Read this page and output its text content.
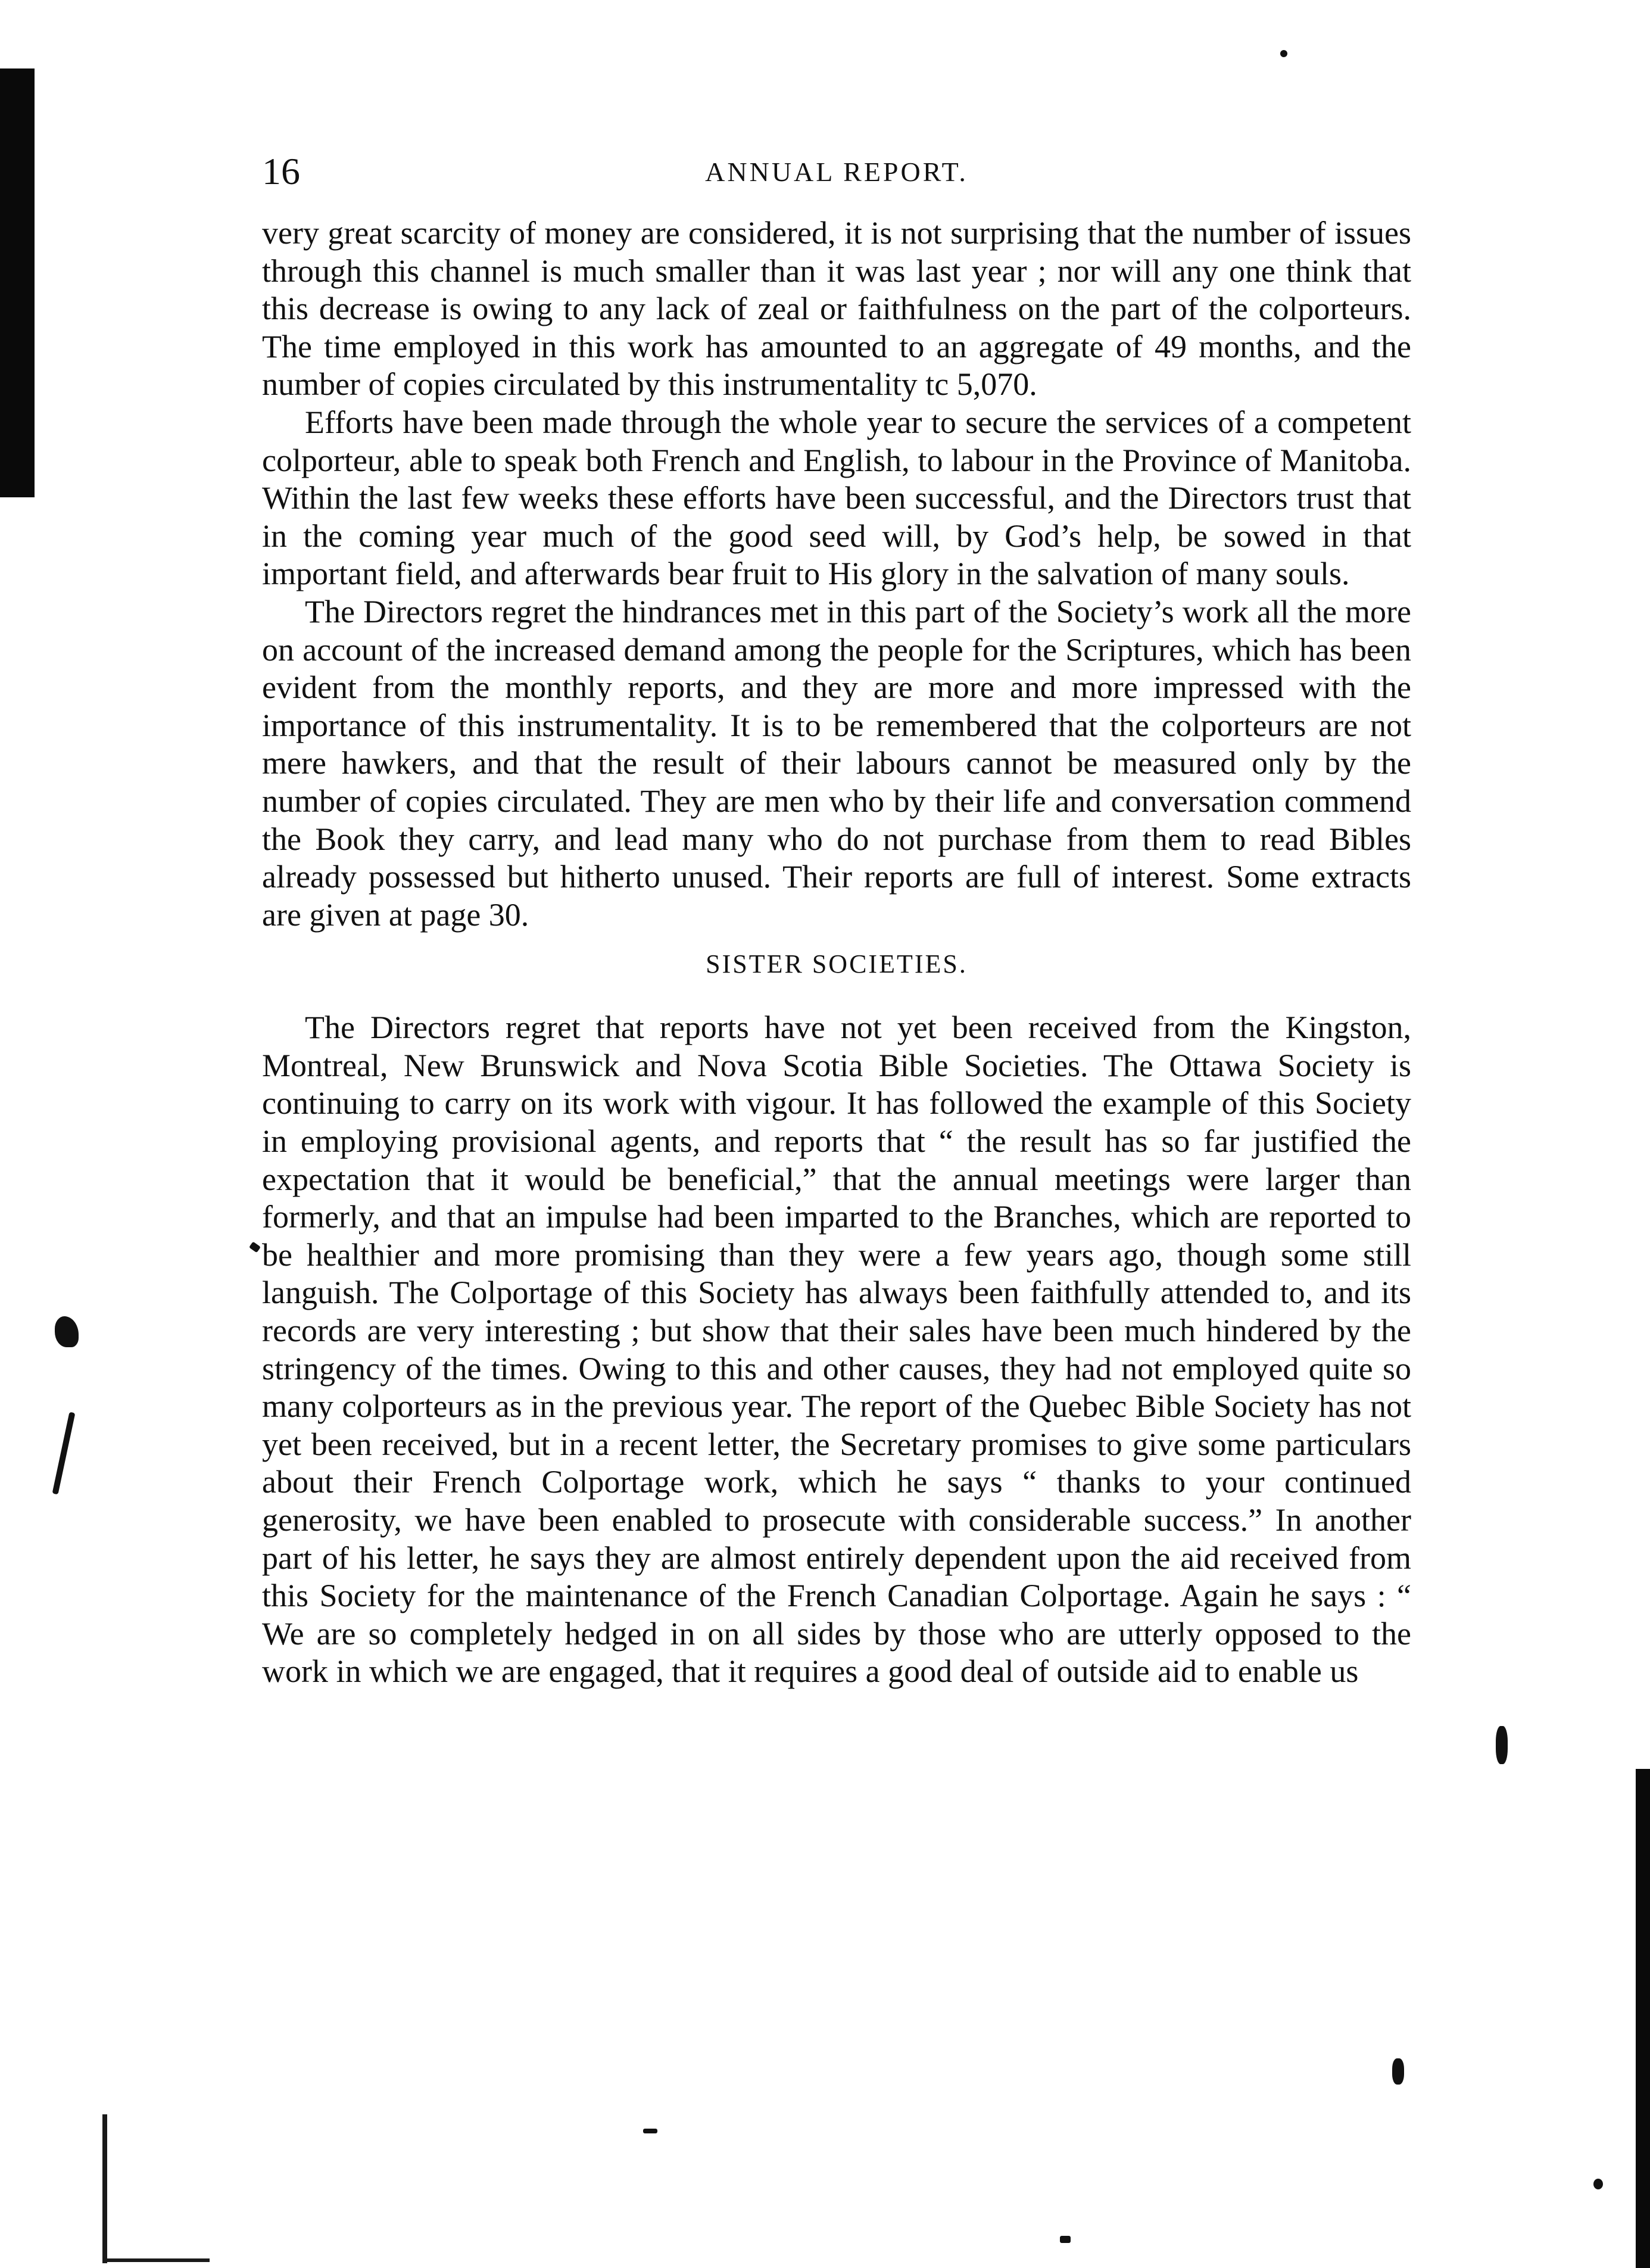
16	ANNUAL REPORT.

very great scarcity of money are considered, it is not surprising that the number of issues through this channel is much smaller than it was last year ; nor will any one think that this decrease is owing to any lack of zeal or faithfulness on the part of the colporteurs. The time employed in this work has amounted to an aggregate of 49 months, and the number of copies circulated by this instrumentality tc 5,070.

Efforts have been made through the whole year to secure the services of a competent colporteur, able to speak both French and English, to labour in the Province of Manitoba. Within the last few weeks these efforts have been successful, and the Directors trust that in the coming year much of the good seed will, by God’s help, be sowed in that important field, and afterwards bear fruit to His glory in the salvation of many souls.

The Directors regret the hindrances met in this part of the Society’s work all the more on account of the increased demand among the people for the Scriptures, which has been evident from the monthly reports, and they are more and more impressed with the importance of this instrumentality. It is to be remembered that the colporteurs are not mere hawkers, and that the result of their labours cannot be measured only by the number of copies circulated. They are men who by their life and conversation commend the Book they carry, and lead many who do not purchase from them to read Bibles already possessed but hitherto unused. Their reports are full of interest. Some extracts are given at page 30.

SISTER SOCIETIES.

The Directors regret that reports have not yet been received from the Kingston, Montreal, New Brunswick and Nova Scotia Bible Societies. The Ottawa Society is continuing to carry on its work with vigour. It has followed the example of this Society in employing provisional agents, and reports that “ the result has so far justified the expectation that it would be beneficial,” that the annual meetings were larger than formerly, and that an impulse had been imparted to the Branches, which are reported to be healthier and more promising than they were a few years ago, though some still languish. The Colportage of this Society has always been faithfully attended to, and its records are very interesting ; but show that their sales have been much hindered by the stringency of the times. Owing to this and other causes, they had not employed quite so many colporteurs as in the previous year. The report of the Quebec Bible Society has not yet been received, but in a recent letter, the Secretary promises to give some particulars about their French Colportage work, which he says “ thanks to your continued generosity, we have been enabled to prosecute with considerable success.” In another part of his letter, he says they are almost entirely dependent upon the aid received from this Society for the maintenance of the French Canadian Colportage. Again he says : “ We are so completely hedged in on all sides by those who are utterly opposed to the work in which we are engaged, that it requires a good deal of outside aid to enable us
